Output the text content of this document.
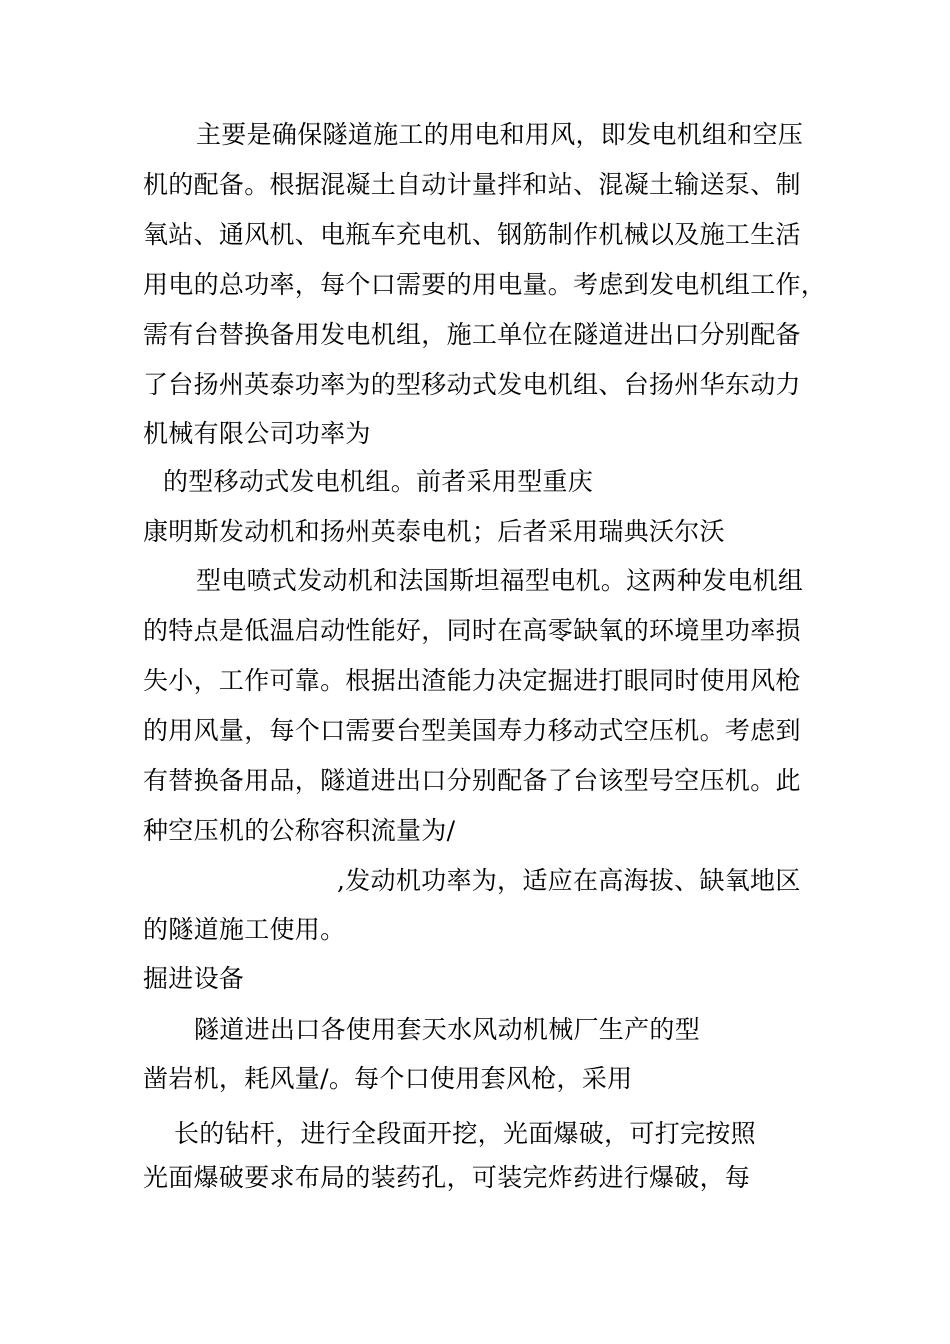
主要是确保隧道施工的用电和用风，即发电机组和空压
机的配备。根据混凝土自动计量拌和站、混凝土输送泵、制
氧站、通风机、电瓶车充电机、钢筋制作机械以及施工生活
用电的总功率，每个口需要的用电量。考虑到发电机组工作，
需有台替换备用发电机组，施工单位在隧道进出口分别配备
了台扬州英泰功率为的型移动式发电机组、台扬州华东动力
机械有限公司功率为
的型移动式发电机组。前者采用型重庆
康明斯发动机和扬州英泰电机；后者采用瑞典沃尔沃
型电喷式发动机和法国斯坦福型电机。这两种发电机组
的特点是低温启动性能好，同时在高零缺氧的环境里功率损
失小，工作可靠。根据出渣能力决定掘进打眼同时使用风枪
的用风量，每个口需要台型美国寿力移动式空压机。考虑到
有替换备用品，隧道进出口分别配备了台该型号空压机。此
种空压机的公称容积流量为/
,发动机功率为，适应在高海拔、缺氧地区
的隧道施工使用。
掘进设备
隧道进出口各使用套天水风动机械厂生产的型
凿岩机，耗风量/。每个口使用套风枪，采用
长的钻杆，进行全段面开挖，光面爆破，可打完按照
光面爆破要求布局的装药孔，可装完炸药进行爆破，每
